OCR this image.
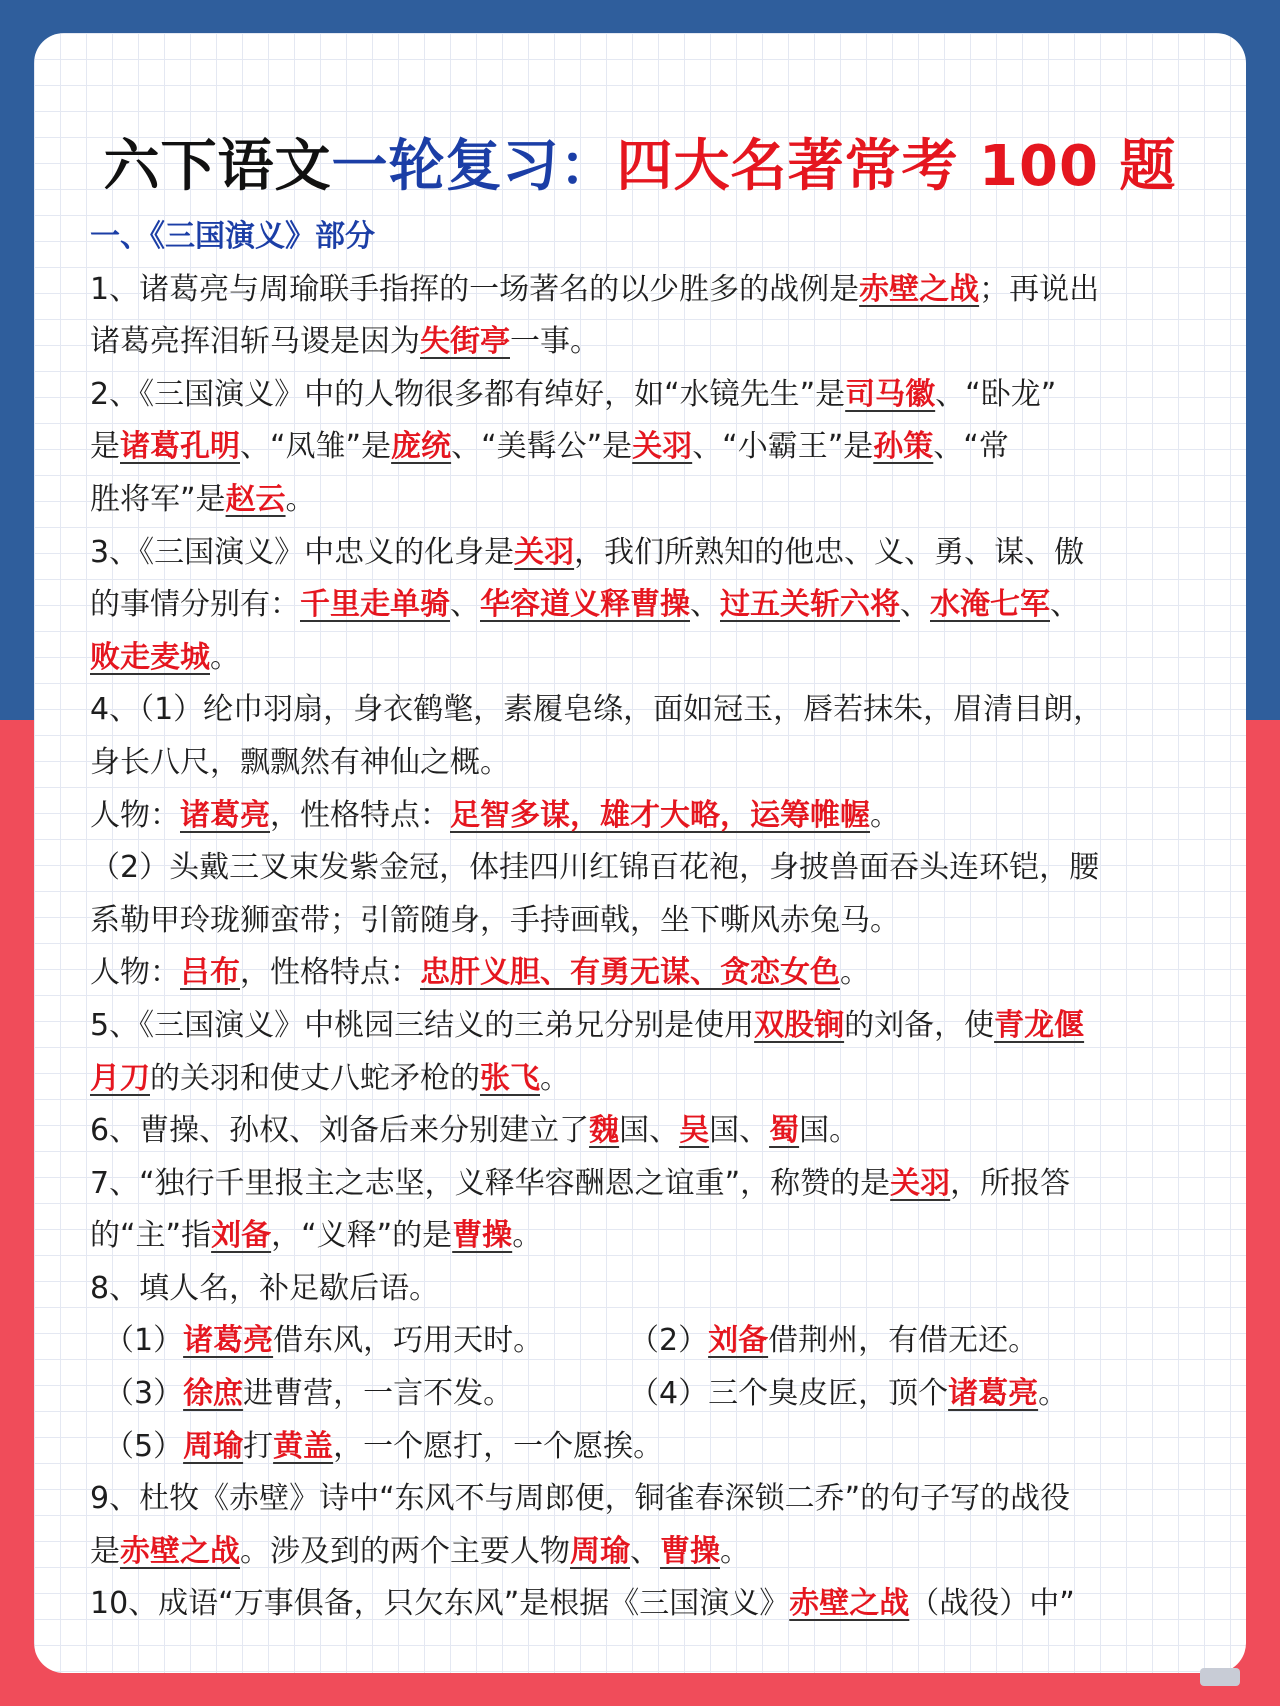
六下语文一轮复习：四大名著常考 100 题

一、《三国演义》部分

1、诸葛亮与周瑜联手指挥的一场著名的以少胜多的战例是赤壁之战；再说出

诸葛亮挥泪斩马谡是因为失街亭一事。

2、《三国演义》中的人物很多都有绰好，如“水镜先生”是司马徽、“卧龙”

是诸葛孔明、“凤雏”是庞统、“美髯公”是关羽、“小霸王”是孙策、“常

胜将军”是赵云。

3、《三国演义》中忠义的化身是关羽，我们所熟知的他忠、义、勇、谋、傲

的事情分别有：千里走单骑、华容道义释曹操、过五关斩六将、水淹七军、

败走麦城。

4、（1）纶巾羽扇，身衣鹤氅，素履皂绦，面如冠玉，唇若抹朱，眉清目朗，

身长八尺，飘飘然有神仙之概。

人物：诸葛亮，性格特点：足智多谋，雄才大略，运筹帷幄。

（2）头戴三叉束发紫金冠，体挂四川红锦百花袍，身披兽面吞头连环铠，腰

系勒甲玲珑狮蛮带；引箭随身，手持画戟，坐下嘶风赤兔马。

人物：吕布，性格特点：忠肝义胆、有勇无谋、贪恋女色。

5、《三国演义》中桃园三结义的三弟兄分别是使用双股锏的刘备，使青龙偃

月刀的关羽和使丈八蛇矛枪的张飞。

6、曹操、孙权、刘备后来分别建立了魏国、吴国、蜀国。

7、“独行千里报主之志坚，义释华容酬恩之谊重”，称赞的是关羽，所报答

的“主”指刘备，“义释”的是曹操。

8、填人名，补足歇后语。

（1）诸葛亮借东风，巧用天时。	（2）刘备借荆州，有借无还。

（3）徐庶进曹营，一言不发。	（4）三个臭皮匠，顶个诸葛亮。

（5）周瑜打黄盖，一个愿打，一个愿挨。

9、杜牧《赤壁》诗中“东风不与周郎便，铜雀春深锁二乔”的句子写的战役

是赤壁之战。涉及到的两个主要人物周瑜、曹操。

10、成语“万事俱备，只欠东风”是根据《三国演义》赤壁之战（战役）中”
